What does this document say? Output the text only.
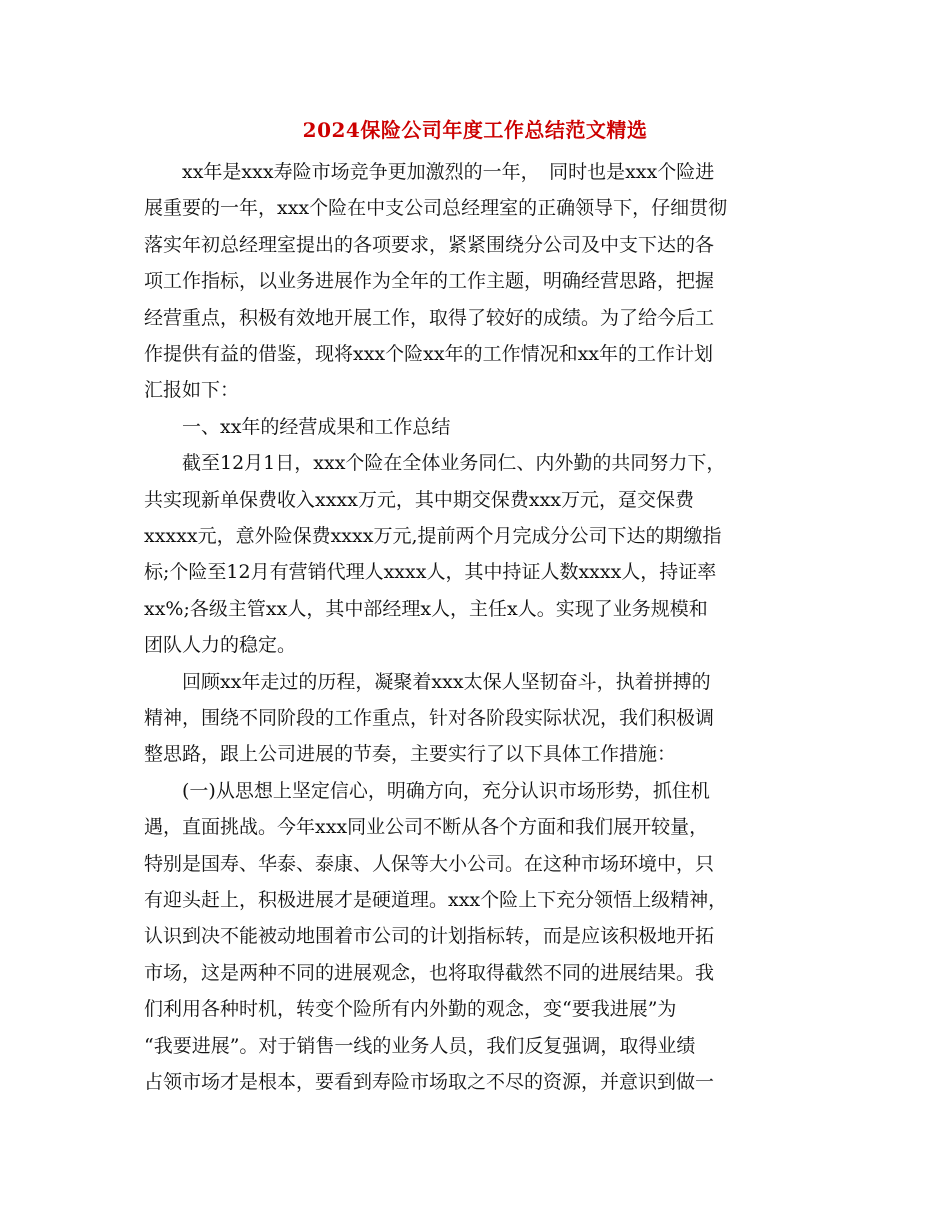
2024保险公司年度工作总结范文精选

　　xx年是xxx寿险市场竞争更加激烈的一年，　同时也是xxx个险进

展重要的一年，xxx个险在中支公司总经理室的正确领导下，仔细贯彻

落实年初总经理室提出的各项要求，紧紧围绕分公司及中支下达的各

项工作指标，以业务进展作为全年的工作主题，明确经营思路，把握

经营重点，积极有效地开展工作，取得了较好的成绩。为了给今后工

作提供有益的借鉴，现将xxx个险xx年的工作情况和xx年的工作计划

汇报如下：

　　一、xx年的经营成果和工作总结

　　截至12月1日，xxx个险在全体业务同仁、内外勤的共同努力下，

共实现新单保费收入xxxx万元，其中期交保费xxx万元，趸交保费

xxxxx元，意外险保费xxxx万元,提前两个月完成分公司下达的期缴指

标;个险至12月有营销代理人xxxx人，其中持证人数xxxx人，持证率

xx%;各级主管xx人，其中部经理x人，主任x人。实现了业务规模和

团队人力的稳定。

　　回顾xx年走过的历程，凝聚着xxx太保人坚韧奋斗，执着拼搏的

精神，围绕不同阶段的工作重点，针对各阶段实际状况，我们积极调

整思路，跟上公司进展的节奏，主要实行了以下具体工作措施：

　　(一)从思想上坚定信心，明确方向，充分认识市场形势，抓住机

遇，直面挑战。今年xxx同业公司不断从各个方面和我们展开较量，

特别是国寿、华泰、泰康、人保等大小公司。在这种市场环境中，只

有迎头赶上，积极进展才是硬道理。xxx个险上下充分领悟上级精神，

认识到决不能被动地围着市公司的计划指标转，而是应该积极地开拓

市场，这是两种不同的进展观念，也将取得截然不同的进展结果。我

们利用各种时机，转变个险所有内外勤的观念，变“要我进展”为

“我要进展”。对于销售一线的业务人员，我们反复强调，取得业绩

占领市场才是根本，要看到寿险市场取之不尽的资源，并意识到做一
